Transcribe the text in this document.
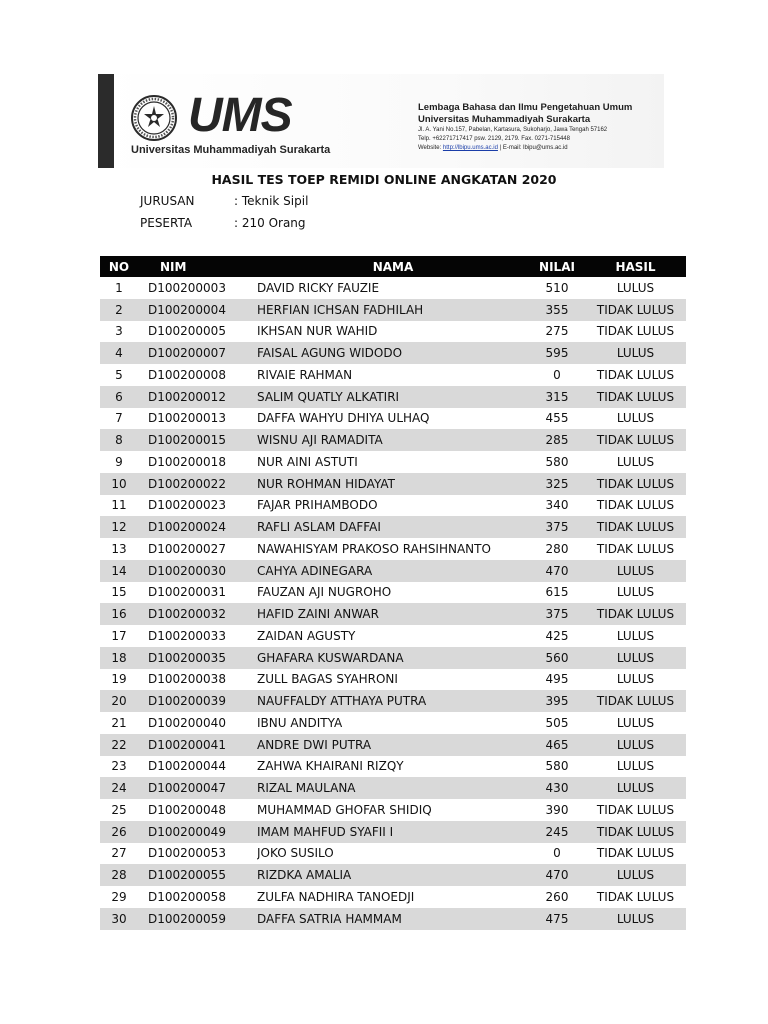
UMS
Universitas Muhammadiyah Surakarta
Lembaga Bahasa dan Ilmu Pengetahuan Umum
Universitas Muhammadiyah Surakarta
Jl. A. Yani No.157, Pabelan, Kartasura, Sukoharjo, Jawa Tengah 57162
Telp. +62271717417 psw. 2129, 2179. Fax. 0271-715448
Website: http://lbipu.ums.ac.id | E-mail: lbipu@ums.ac.id
HASIL TES TOEP REMIDI ONLINE ANGKATAN 2020
JURUSAN	: Teknik Sipil
PESERTA	: 210 Orang
NO	NIM	NAMA	NILAI	HASIL
1	D100200003	DAVID RICKY FAUZIE	510	LULUS
2	D100200004	HERFIAN ICHSAN FADHILAH	355	TIDAK LULUS
3	D100200005	IKHSAN NUR WAHID	275	TIDAK LULUS
4	D100200007	FAISAL AGUNG WIDODO	595	LULUS
5	D100200008	RIVAIE RAHMAN	0	TIDAK LULUS
6	D100200012	SALIM QUATLY ALKATIRI	315	TIDAK LULUS
7	D100200013	DAFFA WAHYU DHIYA ULHAQ	455	LULUS
8	D100200015	WISNU AJI RAMADITA	285	TIDAK LULUS
9	D100200018	NUR AINI ASTUTI	580	LULUS
10	D100200022	NUR ROHMAN HIDAYAT	325	TIDAK LULUS
11	D100200023	FAJAR PRIHAMBODO	340	TIDAK LULUS
12	D100200024	RAFLI ASLAM DAFFAI	375	TIDAK LULUS
13	D100200027	NAWAHISYAM PRAKOSO RAHSIHNANTO	280	TIDAK LULUS
14	D100200030	CAHYA ADINEGARA	470	LULUS
15	D100200031	FAUZAN AJI NUGROHO	615	LULUS
16	D100200032	HAFID ZAINI ANWAR	375	TIDAK LULUS
17	D100200033	ZAIDAN AGUSTY	425	LULUS
18	D100200035	GHAFARA KUSWARDANA	560	LULUS
19	D100200038	ZULL BAGAS SYAHRONI	495	LULUS
20	D100200039	NAUFFALDY ATTHAYA PUTRA	395	TIDAK LULUS
21	D100200040	IBNU ANDITYA	505	LULUS
22	D100200041	ANDRE DWI PUTRA	465	LULUS
23	D100200044	ZAHWA KHAIRANI RIZQY	580	LULUS
24	D100200047	RIZAL MAULANA	430	LULUS
25	D100200048	MUHAMMAD GHOFAR SHIDIQ	390	TIDAK LULUS
26	D100200049	IMAM MAHFUD SYAFII I	245	TIDAK LULUS
27	D100200053	JOKO SUSILO	0	TIDAK LULUS
28	D100200055	RIZDKA AMALIA	470	LULUS
29	D100200058	ZULFA NADHIRA TANOEDJI	260	TIDAK LULUS
30	D100200059	DAFFA SATRIA HAMMAM	475	LULUS
